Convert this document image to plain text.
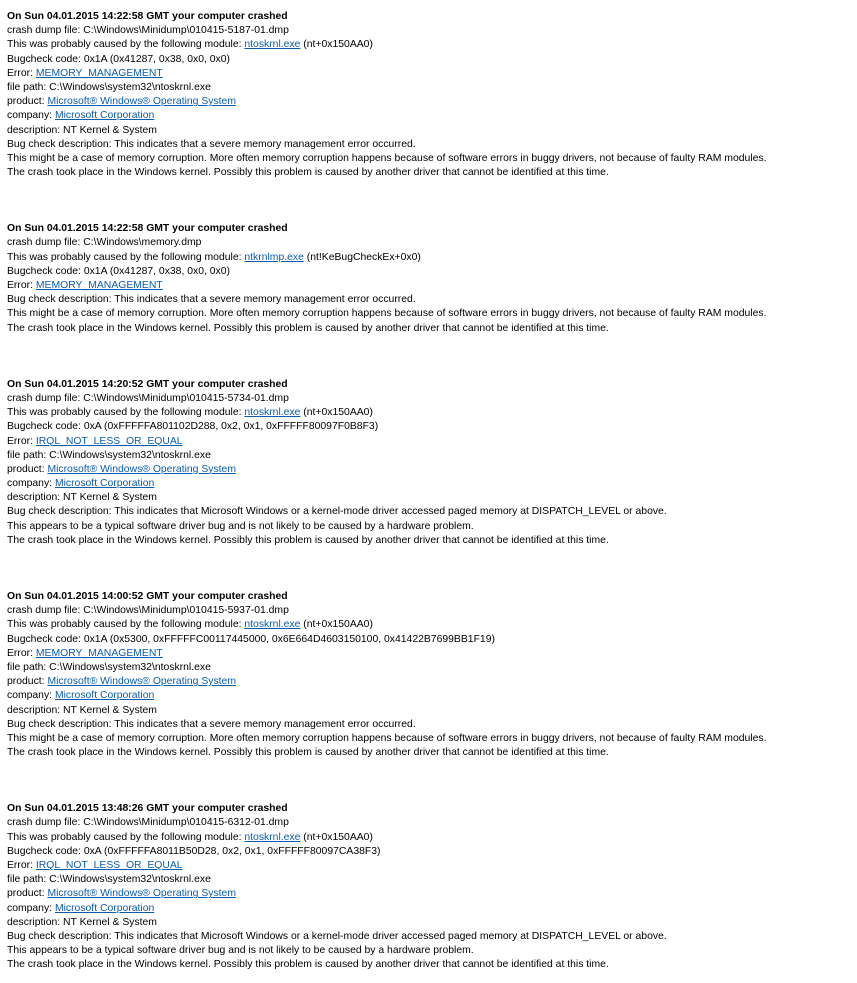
On Sun 04.01.2015 14:22:58 GMT your computer crashed
crash dump file: C:\Windows\Minidump\010415-5187-01.dmp
This was probably caused by the following module: ntoskrnl.exe (nt+0x150AA0)
Bugcheck code: 0x1A (0x41287, 0x38, 0x0, 0x0)
Error: MEMORY_MANAGEMENT
file path: C:\Windows\system32\ntoskrnl.exe
product: Microsoft® Windows® Operating System
company: Microsoft Corporation
description: NT Kernel & System
Bug check description: This indicates that a severe memory management error occurred.
This might be a case of memory corruption. More often memory corruption happens because of software errors in buggy drivers, not because of faulty RAM modules.
The crash took place in the Windows kernel. Possibly this problem is caused by another driver that cannot be identified at this time.
On Sun 04.01.2015 14:22:58 GMT your computer crashed
crash dump file: C:\Windows\memory.dmp
This was probably caused by the following module: ntkrnlmp.exe (nt!KeBugCheckEx+0x0)
Bugcheck code: 0x1A (0x41287, 0x38, 0x0, 0x0)
Error: MEMORY_MANAGEMENT
Bug check description: This indicates that a severe memory management error occurred.
This might be a case of memory corruption. More often memory corruption happens because of software errors in buggy drivers, not because of faulty RAM modules.
The crash took place in the Windows kernel. Possibly this problem is caused by another driver that cannot be identified at this time.
On Sun 04.01.2015 14:20:52 GMT your computer crashed
crash dump file: C:\Windows\Minidump\010415-5734-01.dmp
This was probably caused by the following module: ntoskrnl.exe (nt+0x150AA0)
Bugcheck code: 0xA (0xFFFFFA801102D288, 0x2, 0x1, 0xFFFFF80097F0B8F3)
Error: IRQL_NOT_LESS_OR_EQUAL
file path: C:\Windows\system32\ntoskrnl.exe
product: Microsoft® Windows® Operating System
company: Microsoft Corporation
description: NT Kernel & System
Bug check description: This indicates that Microsoft Windows or a kernel-mode driver accessed paged memory at DISPATCH_LEVEL or above.
This appears to be a typical software driver bug and is not likely to be caused by a hardware problem.
The crash took place in the Windows kernel. Possibly this problem is caused by another driver that cannot be identified at this time.
On Sun 04.01.2015 14:00:52 GMT your computer crashed
crash dump file: C:\Windows\Minidump\010415-5937-01.dmp
This was probably caused by the following module: ntoskrnl.exe (nt+0x150AA0)
Bugcheck code: 0x1A (0x5300, 0xFFFFFC00117445000, 0x6E664D4603150100, 0x41422B7699BB1F19)
Error: MEMORY_MANAGEMENT
file path: C:\Windows\system32\ntoskrnl.exe
product: Microsoft® Windows® Operating System
company: Microsoft Corporation
description: NT Kernel & System
Bug check description: This indicates that a severe memory management error occurred.
This might be a case of memory corruption. More often memory corruption happens because of software errors in buggy drivers, not because of faulty RAM modules.
The crash took place in the Windows kernel. Possibly this problem is caused by another driver that cannot be identified at this time.
On Sun 04.01.2015 13:48:26 GMT your computer crashed
crash dump file: C:\Windows\Minidump\010415-6312-01.dmp
This was probably caused by the following module: ntoskrnl.exe (nt+0x150AA0)
Bugcheck code: 0xA (0xFFFFFA8011B50D28, 0x2, 0x1, 0xFFFFF80097CA38F3)
Error: IRQL_NOT_LESS_OR_EQUAL
file path: C:\Windows\system32\ntoskrnl.exe
product: Microsoft® Windows® Operating System
company: Microsoft Corporation
description: NT Kernel & System
Bug check description: This indicates that Microsoft Windows or a kernel-mode driver accessed paged memory at DISPATCH_LEVEL or above.
This appears to be a typical software driver bug and is not likely to be caused by a hardware problem.
The crash took place in the Windows kernel. Possibly this problem is caused by another driver that cannot be identified at this time.
